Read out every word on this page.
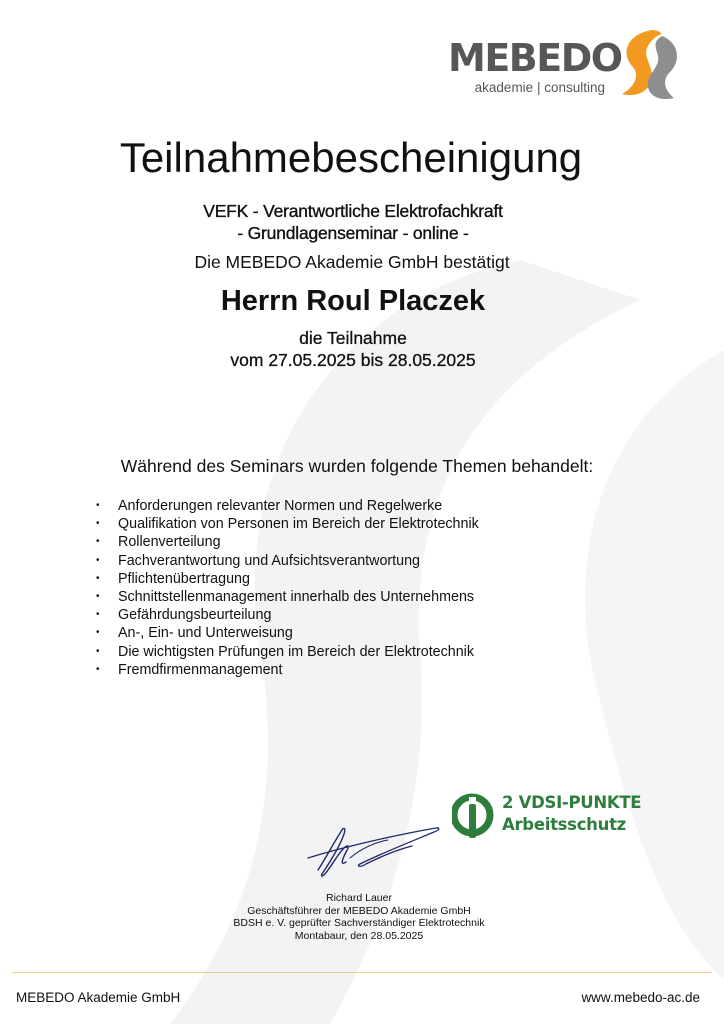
MEBEDO
akademie | consulting
Teilnahmebescheinigung
VEFK - Verantwortliche Elektrofachkraft
- Grundlagenseminar - online -
Die MEBEDO Akademie GmbH bestätigt
Herrn Roul Placzek
die Teilnahme
vom 27.05.2025 bis 28.05.2025
Während des Seminars wurden folgende Themen behandelt:
•	Anforderungen relevanter Normen und Regelwerke
•	Qualifikation von Personen im Bereich der Elektrotechnik
•	Rollenverteilung
•	Fachverantwortung und Aufsichtsverantwortung
•	Pflichtenübertragung
•	Schnittstellenmanagement innerhalb des Unternehmens
•	Gefährdungsbeurteilung
•	An-, Ein- und Unterweisung
•	Die wichtigsten Prüfungen im Bereich der Elektrotechnik
•	Fremdfirmenmanagement
2 VDSI-PUNKTE
Arbeitsschutz
Richard Lauer
Geschäftsführer der MEBEDO Akademie GmbH
BDSH e. V. geprüfter Sachverständiger Elektrotechnik
Montabaur, den 28.05.2025
MEBEDO Akademie GmbH	www.mebedo-ac.de
